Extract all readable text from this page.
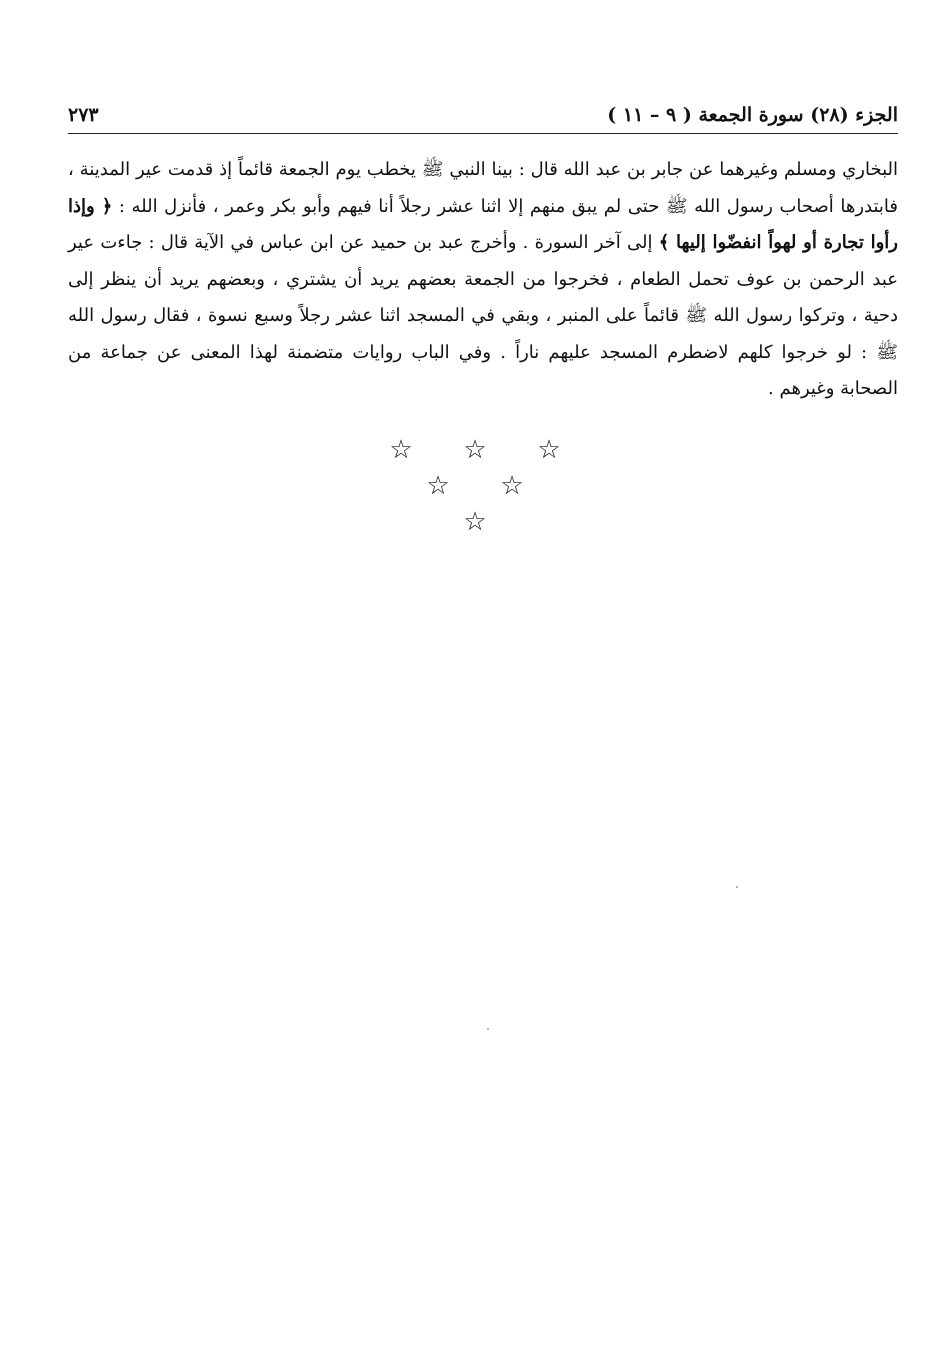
الجزء (٢٨) سورة الجمعة ( ٩ – ١١ )
٢٧٣
البخاري ومسلم وغيرهما عن جابر بن عبد الله قال : بينا النبي ﷺ يخطب يوم الجمعة قائماً إذ قدمت عير المدينة ، فابتدرها أصحاب رسول الله ﷺ حتى لم يبق منهم إلا اثنا عشر رجلاً أنا فيهم وأبو بكر وعمر ، فأنزل الله : ﴿ وإذا رأوا تجارة أو لهواً انفضّوا إليها ﴾ إلى آخر السورة . وأخرج عبد بن حميد عن ابن عباس في الآية قال : جاءت عير عبد الرحمن بن عوف تحمل الطعام ، فخرجوا من الجمعة بعضهم يريد أن يشتري ، وبعضهم يريد أن ينظر إلى دحية ، وتركوا رسول الله ﷺ قائماً على المنبر ، وبقي في المسجد اثنا عشر رجلاً وسبع نسوة ، فقال رسول الله ﷺ : لو خرجوا كلهم لاضطرم المسجد عليهم ناراً . وفي الباب روايات متضمنة لهذا المعنى عن جماعة من الصحابة وغيرهم .
☆ ☆ ☆
☆ ☆
☆
